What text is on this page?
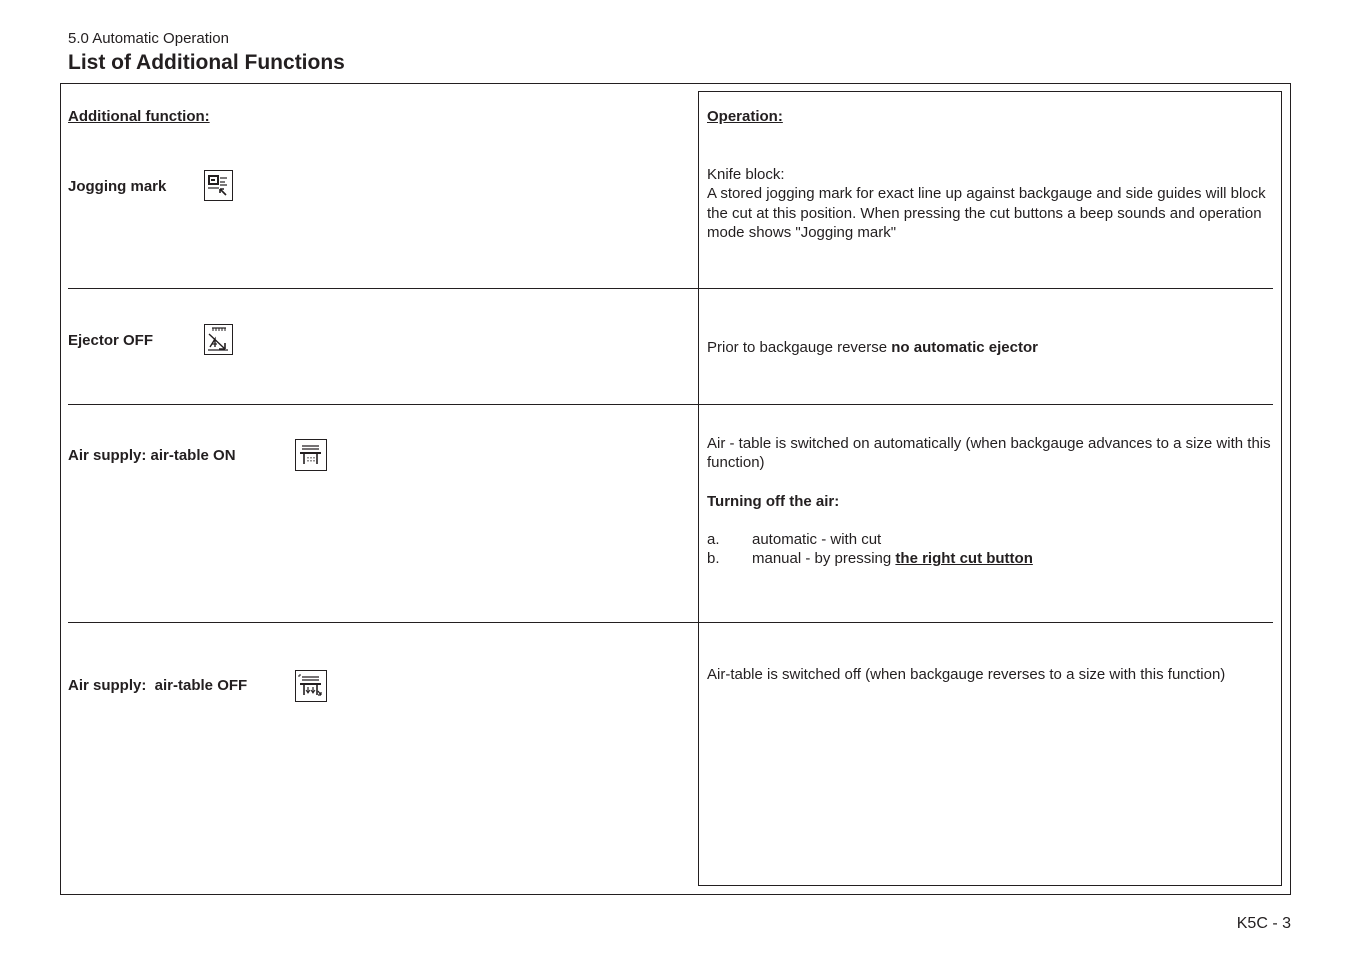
5.0 Automatic Operation
List of Additional Functions
Additional function:	Operation:
Jogging mark

Knife block:

A stored jogging mark for exact line up against backgauge and side guides will block the cut at this position. When pressing the cut buttons a beep sounds and operation mode shows "Jogging mark"

Ejector OFF	Prior to backgauge reverse no automatic ejector

Air supply: air-table ON

Air - table is switched on automatically (when backgauge advances to a size with this function)

Turning off the air:

a. automatic - with cut
b. manual - by pressing the right cut button
Air supply:  air-table OFF

Air-table is switched off (when backgauge reverses to a size with this function)

K5C - 3
